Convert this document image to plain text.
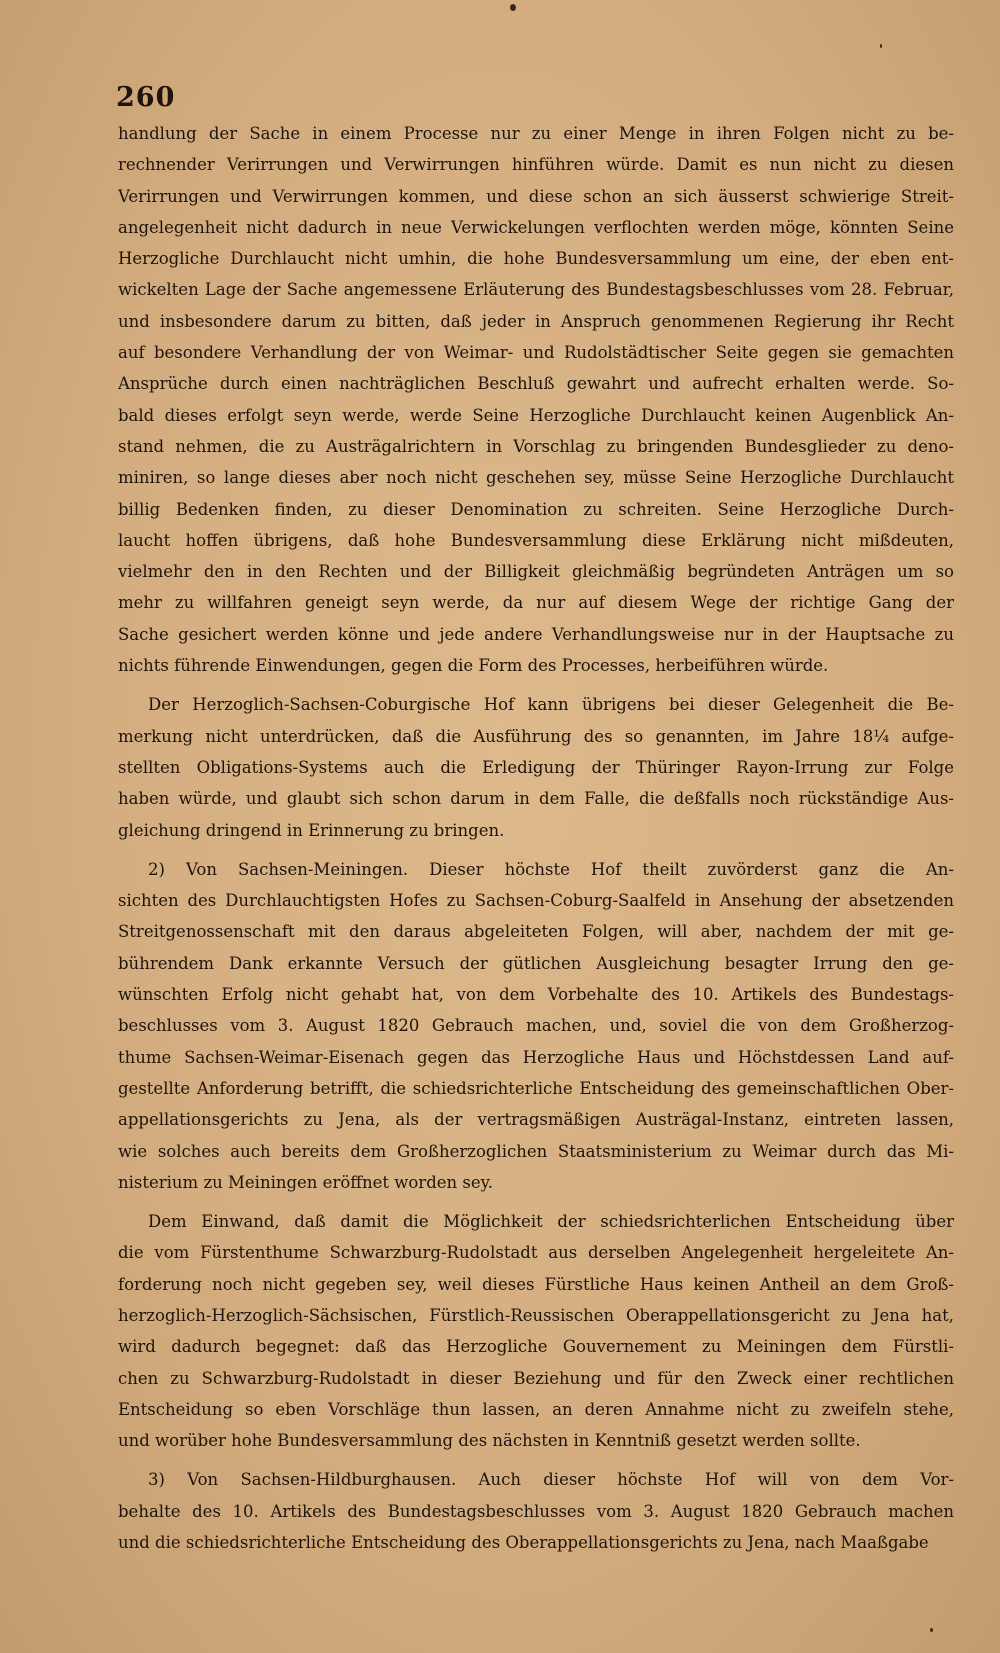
260
handlung der Sache in einem Processe nur zu einer Menge in ihren Folgen nicht zu be-
rechnender Verirrungen und Verwirrungen hinführen würde. Damit es nun nicht zu diesen
Verirrungen und Verwirrungen kommen, und diese schon an sich äusserst schwierige Streit-
angelegenheit nicht dadurch in neue Verwickelungen verflochten werden möge, könnten Seine
Herzogliche Durchlaucht nicht umhin, die hohe Bundesversammlung um eine, der eben ent-
wickelten Lage der Sache angemessene Erläuterung des Bundestagsbeschlusses vom 28. Februar,
und insbesondere darum zu bitten, daß jeder in Anspruch genommenen Regierung ihr Recht
auf besondere Verhandlung der von Weimar- und Rudolstädtischer Seite gegen sie gemachten
Ansprüche durch einen nachträglichen Beschluß gewahrt und aufrecht erhalten werde. So-
bald dieses erfolgt seyn werde, werde Seine Herzogliche Durchlaucht keinen Augenblick An-
stand nehmen, die zu Austrägalrichtern in Vorschlag zu bringenden Bundesglieder zu deno-
miniren, so lange dieses aber noch nicht geschehen sey, müsse Seine Herzogliche Durchlaucht
billig Bedenken finden, zu dieser Denomination zu schreiten. Seine Herzogliche Durch-
laucht hoffen übrigens, daß hohe Bundesversammlung diese Erklärung nicht mißdeuten,
vielmehr den in den Rechten und der Billigkeit gleichmäßig begründeten Anträgen um so
mehr zu willfahren geneigt seyn werde, da nur auf diesem Wege der richtige Gang der
Sache gesichert werden könne und jede andere Verhandlungsweise nur in der Hauptsache zu
nichts führende Einwendungen, gegen die Form des Processes, herbeiführen würde.
Der Herzoglich-Sachsen-Coburgische Hof kann übrigens bei dieser Gelegenheit die Be-
merkung nicht unterdrücken, daß die Ausführung des so genannten, im Jahre 18¹⁄₄ aufge-
stellten Obligations-Systems auch die Erledigung der Thüringer Rayon-Irrung zur Folge
haben würde, und glaubt sich schon darum in dem Falle, die deßfalls noch rückständige Aus-
gleichung dringend in Erinnerung zu bringen.
2) Von Sachsen-Meiningen. Dieser höchste Hof theilt zuvörderst ganz die An-
sichten des Durchlauchtigsten Hofes zu Sachsen-Coburg-Saalfeld in Ansehung der absetzenden
Streitgenossenschaft mit den daraus abgeleiteten Folgen, will aber, nachdem der mit ge-
bührendem Dank erkannte Versuch der gütlichen Ausgleichung besagter Irrung den ge-
wünschten Erfolg nicht gehabt hat, von dem Vorbehalte des 10. Artikels des Bundestags-
beschlusses vom 3. August 1820 Gebrauch machen, und, soviel die von dem Großherzog-
thume Sachsen-Weimar-Eisenach gegen das Herzogliche Haus und Höchstdessen Land auf-
gestellte Anforderung betrifft, die schiedsrichterliche Entscheidung des gemeinschaftlichen Ober-
appellationsgerichts zu Jena, als der vertragsmäßigen Austrägal-Instanz, eintreten lassen,
wie solches auch bereits dem Großherzoglichen Staatsministerium zu Weimar durch das Mi-
nisterium zu Meiningen eröffnet worden sey.
Dem Einwand, daß damit die Möglichkeit der schiedsrichterlichen Entscheidung über
die vom Fürstenthume Schwarzburg-Rudolstadt aus derselben Angelegenheit hergeleitete An-
forderung noch nicht gegeben sey, weil dieses Fürstliche Haus keinen Antheil an dem Groß-
herzoglich-Herzoglich-Sächsischen, Fürstlich-Reussischen Oberappellationsgericht zu Jena hat,
wird dadurch begegnet: daß das Herzogliche Gouvernement zu Meiningen dem Fürstli-
chen zu Schwarzburg-Rudolstadt in dieser Beziehung und für den Zweck einer rechtlichen
Entscheidung so eben Vorschläge thun lassen, an deren Annahme nicht zu zweifeln stehe,
und worüber hohe Bundesversammlung des nächsten in Kenntniß gesetzt werden sollte.
3) Von Sachsen-Hildburghausen. Auch dieser höchste Hof will von dem Vor-
behalte des 10. Artikels des Bundestagsbeschlusses vom 3. August 1820 Gebrauch machen
und die schiedsrichterliche Entscheidung des Oberappellationsgerichts zu Jena, nach Maaßgabe
